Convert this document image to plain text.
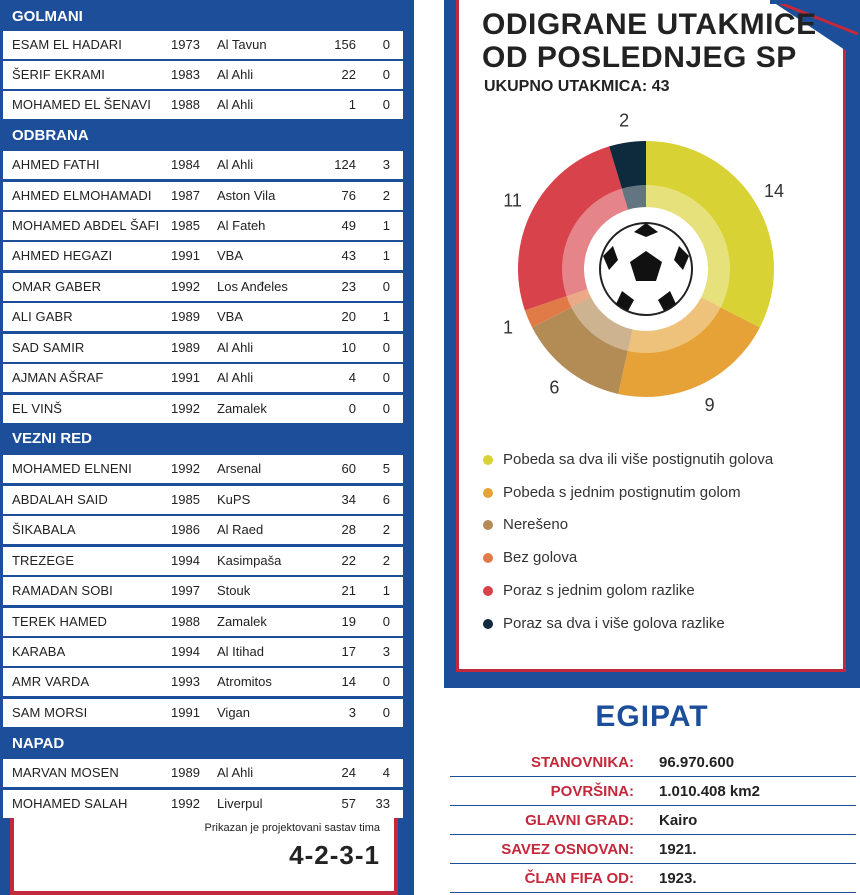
GOLMANI
ESAM EL HADARI	1973 Al Tavun	156 0
ŠERIF EKRAMI	1983 Al Ahli	22 0
MOHAMED EL ŠENAVI 1988 Al Ahli	1 0
ODBRANA
AHMED FATHI	1984 Al Ahli	124 3
AHMED ELMOHAMADI 1987 Aston Vila	76 2
MOHAMED ABDEL ŠAFI 1985 Al Fateh	49 1
AHMED HEGAZI	1991 VBA	43 1
OMAR GABER	1992 Los Anđeles	23 0
ALI GABR	1989 VBA	20 1
SAD SAMIR	1989 Al Ahli	10 0
AJMAN AŠRAF	1991 Al Ahli	4 0
EL VINŠ	1992 Zamalek	0 0
VEZNI RED
MOHAMED ELNENI	1992 Arsenal	60 5
ABDALAH SAID	1985 KuPS	34 6
ŠIKABALA	1986 Al Raed	28 2
TREZEGE	1994 Kasimpaša	22 2
RAMADAN SOBI	1997 Stouk	21 1
TEREK HAMED	1988 Zamalek	19 0
KARABA	1994 Al Itihad	17 3
AMR VARDA	1993 Atromitos	14 0
SAM MORSI	1991 Vigan	3 0
NAPAD
MARVAN MOSEN	1989 Al Ahli	24 4
MOHAMED SALAH	1992 Liverpul	57 33
Prikazan je projektovani sastav tima
4-2-3-1
ODIGRANE UTAKMICE
OD POSLEDNJEG SP
UKUPNO UTAKMICA: 43
14
9
6
1
11
2
Pobeda sa dva ili više postignutih golova
Pobeda s jednim postignutim golom
Nerešeno
Bez golova
Poraz s jednim golom razlike
Poraz sa dva i više golova razlike
EGIPAT
STANOVNIKA: 96.970.600
POVRŠINA: 1.010.408 km2
GLAVNI GRAD: Kairo
SAVEZ OSNOVAN: 1921.
ČLAN FIFA OD: 1923.
